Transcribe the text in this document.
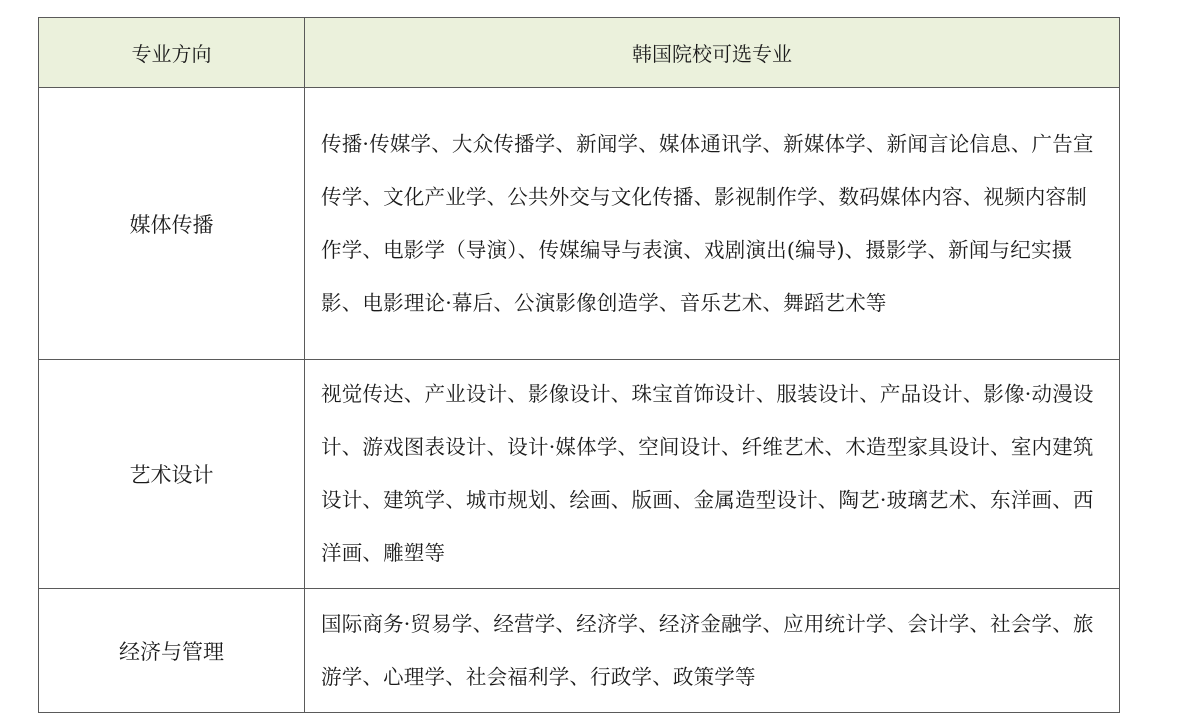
专业方向	韩国院校可选专业
媒体传播	传播·传媒学、大众传播学、新闻学、媒体通讯学、新媒体学、新闻言论信息、广告宣传学、文化产业学、公共外交与文化传播、影视制作学、数码媒体内容、视频内容制作学、电影学（导演）、传媒编导与表演、戏剧演出(编导)、摄影学、新闻与纪实摄影、电影理论·幕后、公演影像创造学、音乐艺术、舞蹈艺术等
艺术设计	视觉传达、产业设计、影像设计、珠宝首饰设计、服装设计、产品设计、影像·动漫设计、游戏图表设计、设计·媒体学、空间设计、纤维艺术、木造型家具设计、室内建筑设计、建筑学、城市规划、绘画、版画、金属造型设计、陶艺·玻璃艺术、东洋画、西洋画、雕塑等
经济与管理	国际商务·贸易学、经营学、经济学、经济金融学、应用统计学、会计学、社会学、旅游学、心理学、社会福利学、行政学、政策学等
